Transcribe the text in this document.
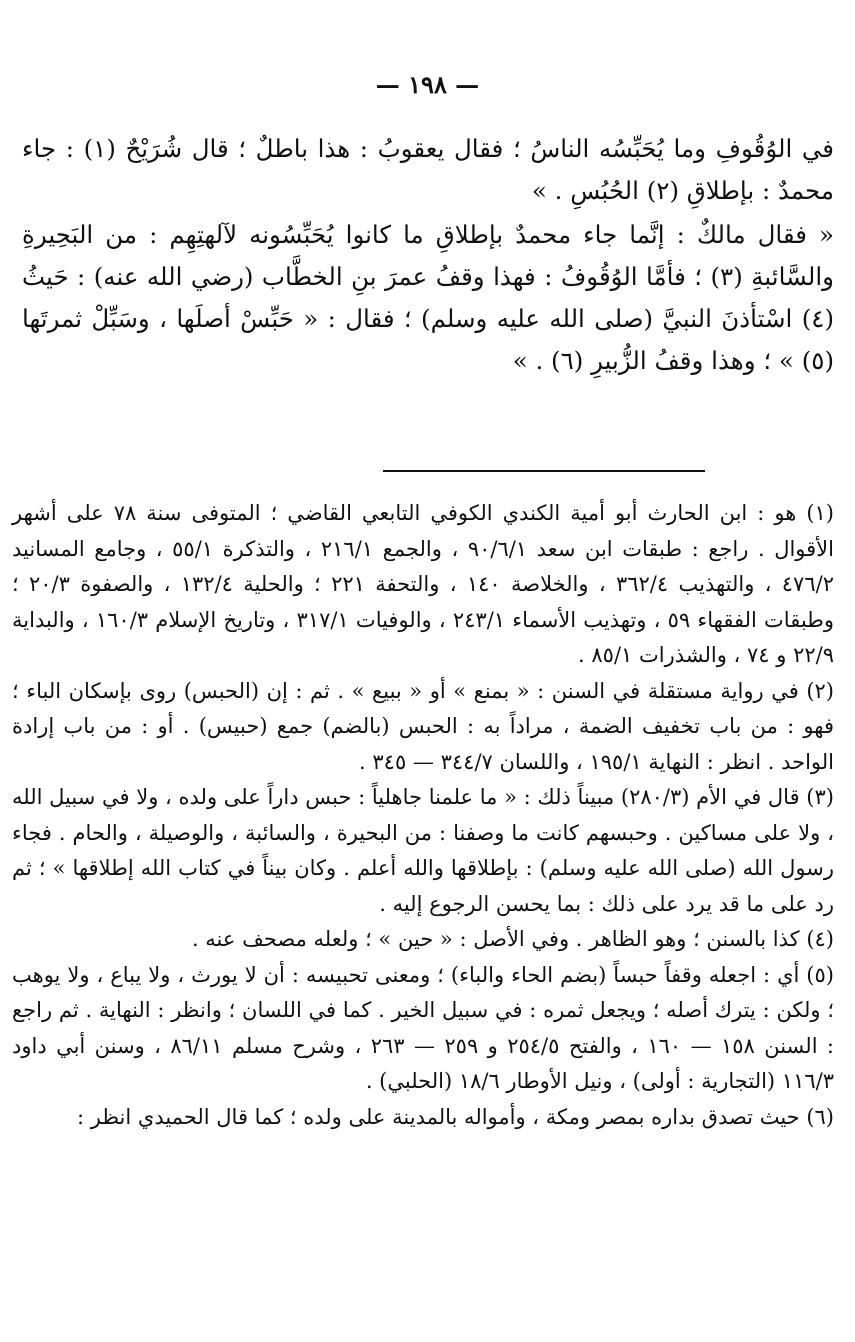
— ١٩٨ —

في الوُقُوفِ وما يُحَبِّسُه الناسُ ؛ فقال يعقوبُ : هذا باطلٌ ؛ قال شُرَيْحٌ (١) : جاء محمدٌ : بإطلاقِ (٢) الحُبُسِ . »

« فقال مالكٌ : إنَّما جاء محمدٌ بإطلاقِ ما كانوا يُحَبِّسُونه لآلهتِهِم : من البَحِيرةِ والسَّائبةِ (٣) ؛ فأمَّا الوُقُوفُ : فهذا وقفُ عمرَ بنِ الخطَّاب (رضي الله عنه) : حَيثُ (٤) اسْتأذنَ النبيَّ (صلى الله عليه وسلم) ؛ فقال : « حَبِّسْ أصلَها ، وسَبِّلْ ثمرتَها (٥) » ؛ وهذا وقفُ الزُّبيرِ (٦) . »

(١) هو : ابن الحارث أبو أمية الكندي الكوفي التابعي القاضي ؛ المتوفى سنة ٧٨ على أشهر الأقوال . راجع : طبقات ابن سعد ٩٠/٦/١ ، والجمع ٢١٦/١ ، والتذكرة ٥٥/١ ، وجامع المسانيد ٤٧٦/٢ ، والتهذيب ٣٦٢/٤ ، والخلاصة ١٤٠ ، والتحفة ٢٢١ ؛ والحلية ١٣٢/٤ ، والصفوة ٢٠/٣ ؛ وطبقات الفقهاء ٥٩ ، وتهذيب الأسماء ٢٤٣/١ ، والوفيات ٣١٧/١ ، وتاريخ الإسلام ١٦٠/٣ ، والبداية ٢٢/٩ و ٧٤ ، والشذرات ٨٥/١ .

(٢) في رواية مستقلة في السنن : « بمنع » أو « ببيع » . ثم : إن (الحبس) روى بإسكان الباء ؛ فهو : من باب تخفيف الضمة ، مراداً به : الحبس (بالضم) جمع (حبيس) . أو : من باب إرادة الواحد . انظر : النهاية ١٩٥/١ ، واللسان ٣٤٤/٧ — ٣٤٥ .

(٣) قال في الأم (٢٨٠/٣) مبيناً ذلك : « ما علمنا جاهلياً : حبس داراً على ولده ، ولا في سبيل الله ، ولا على مساكين . وحبسهم كانت ما وصفنا : من البحيرة ، والسائبة ، والوصيلة ، والحام . فجاء رسول الله (صلى الله عليه وسلم) : بإطلاقها والله أعلم . وكان بيناً في كتاب الله إطلاقها » ؛ ثم رد على ما قد يرد على ذلك : بما يحسن الرجوع إليه .

(٤) كذا بالسنن ؛ وهو الظاهر . وفي الأصل : « حين » ؛ ولعله مصحف عنه .

(٥) أي : اجعله وقفاً حبساً (بضم الحاء والباء) ؛ ومعنى تحبيسه : أن لا يورث ، ولا يباع ، ولا يوهب ؛ ولكن : يترك أصله ؛ ويجعل ثمره : في سبيل الخير . كما في اللسان ؛ وانظر : النهاية . ثم راجع : السنن ١٥٨ — ١٦٠ ، والفتح ٢٥٤/٥ و ٢٥٩ — ٢٦٣ ، وشرح مسلم ٨٦/١١ ، وسنن أبي داود ١١٦/٣ (التجارية : أولى) ، ونيل الأوطار ١٨/٦ (الحلبي) .

(٦) حيث تصدق بداره بمصر ومكة ، وأمواله بالمدينة على ولده ؛ كما قال الحميدي انظر :
